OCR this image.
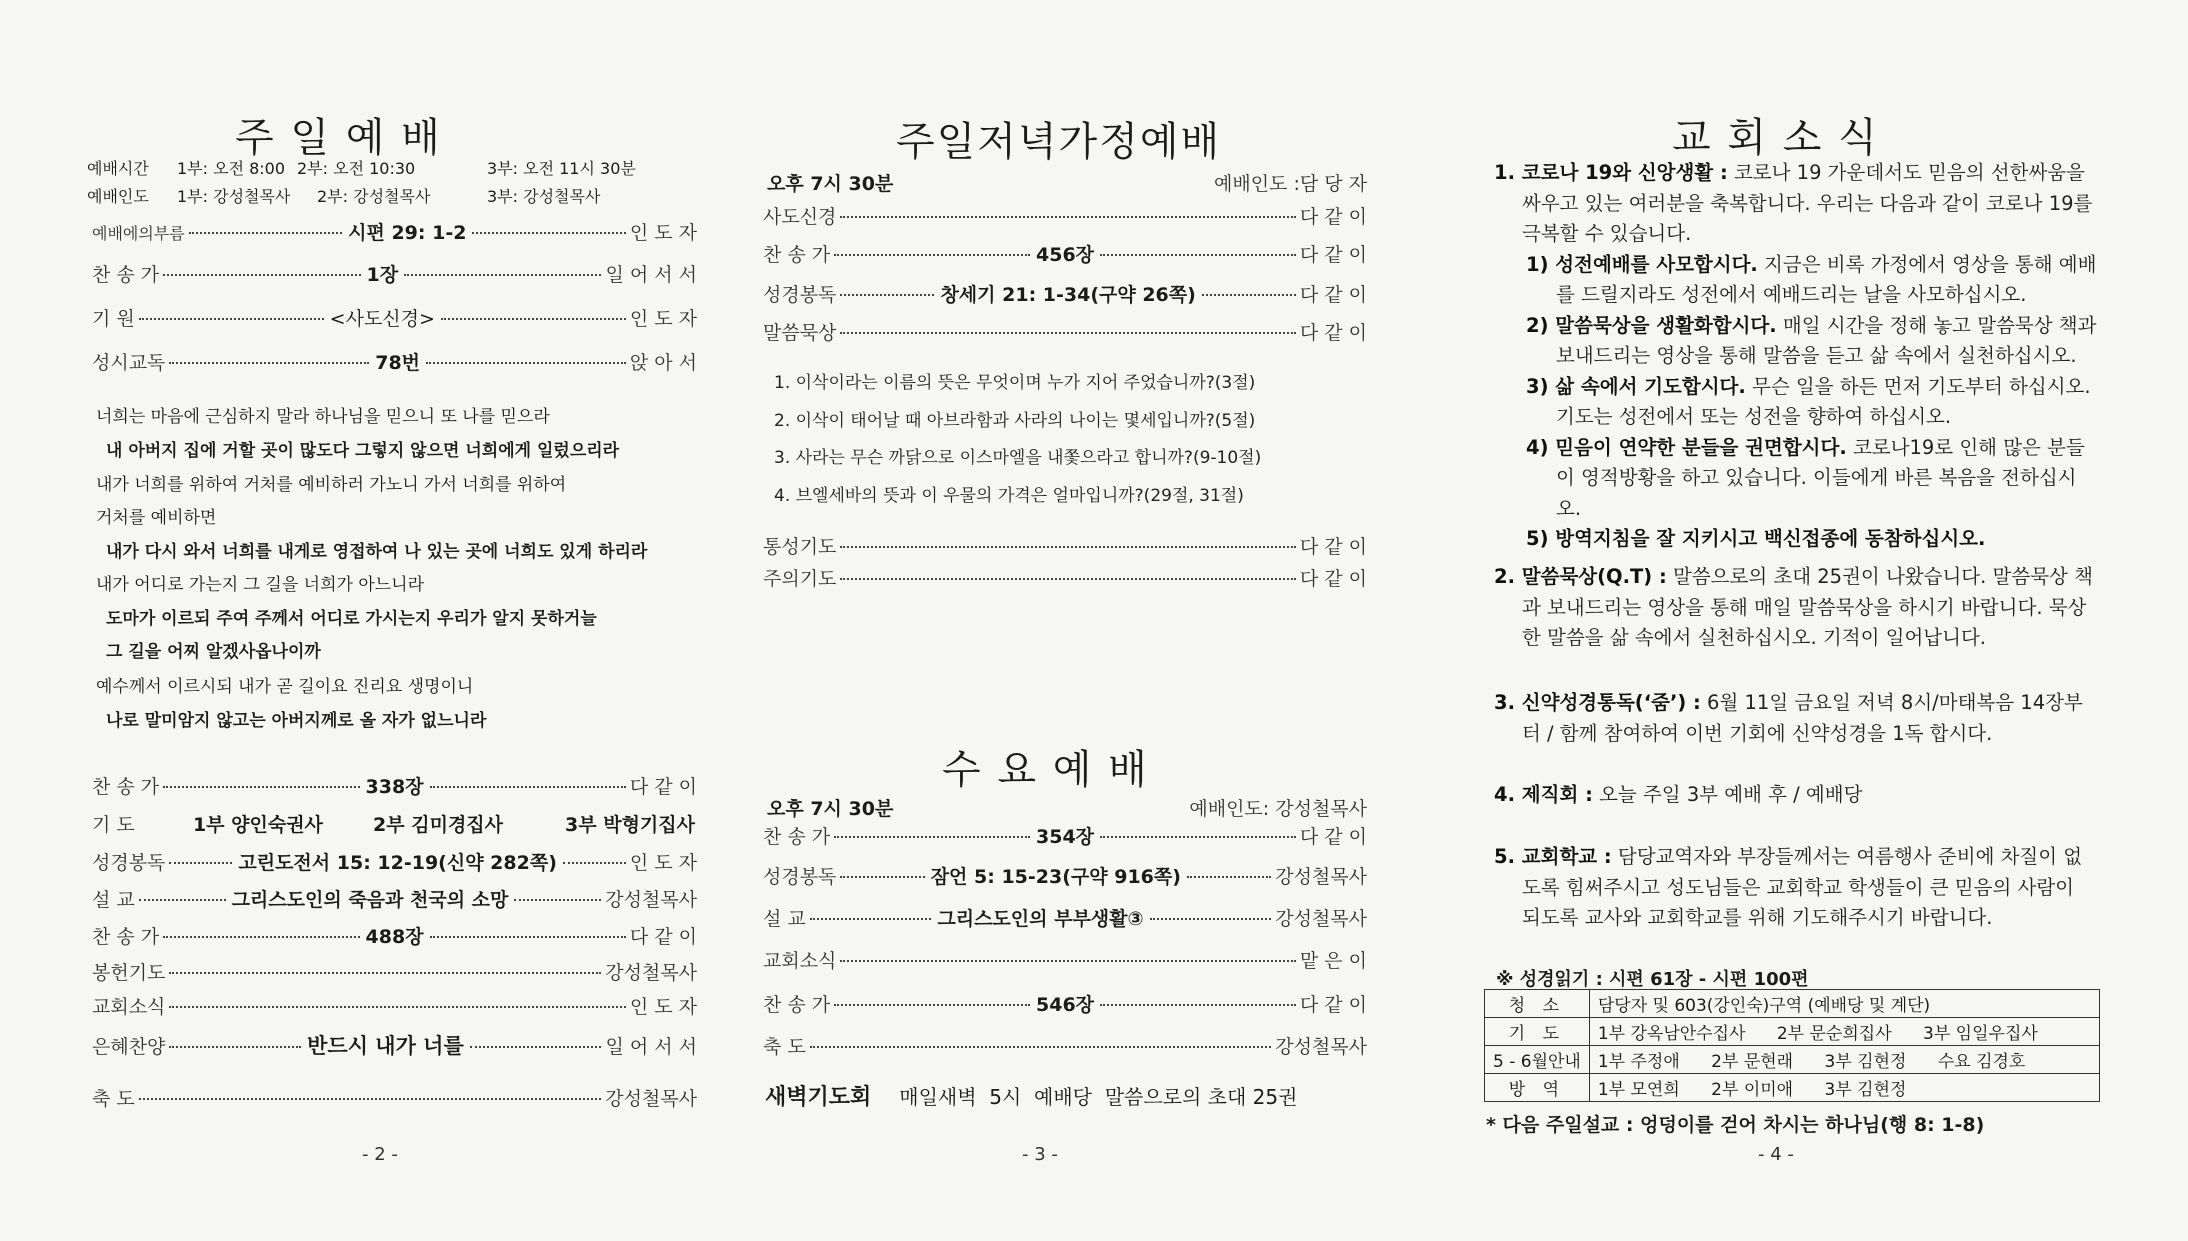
주 일 예 배
예배시간	1부: 오전 8:00 2부: 오전 10:30	3부: 오전 11시 30분
예배인도	1부: 강성철목사	2부: 강성철목사	3부: 강성철목사
예배에의부름	시편 29: 1-2	인 도 자
찬 송 가	1장	일 어 서 서
기 원	<사도신경>	인 도 자
성시교독	78번	앉 아 서
너희는 마음에 근심하지 말라 하나님을 믿으니 또 나를 믿으라
내 아버지 집에 거할 곳이 많도다 그렇지 않으면 너희에게 일렀으리라
내가 너희를 위하여 거처를 예비하러 가노니 가서 너희를 위하여
거처를 예비하면
내가 다시 와서 너희를 내게로 영접하여 나 있는 곳에 너희도 있게 하리라
내가 어디로 가는지 그 길을 너희가 아느니라
도마가 이르되 주여 주께서 어디로 가시는지 우리가 알지 못하거늘
그 길을 어찌 알겠사옵나이까
예수께서 이르시되 내가 곧 길이요 진리요 생명이니
나로 말미암지 않고는 아버지께로 올 자가 없느니라
찬 송 가	338장	다 같 이
기 도	1부 양인숙권사	2부 김미경집사	3부 박형기집사
성경봉독	고린도전서 15: 12-19(신약 282쪽)	인 도 자
설 교	그리스도인의 죽음과 천국의 소망	강성철목사
찬 송 가	488장	다 같 이
봉헌기도	강성철목사
교회소식	인 도 자
은혜찬양	반드시 내가 너를	일 어 서 서
축 도	강성철목사
- 2 -
주일저녁가정예배
오후 7시 30분	예배인도 :담 당 자
사도신경	다 같 이
찬 송 가	456장	다 같 이
성경봉독	창세기 21: 1-34(구약 26쪽)	다 같 이
말씀묵상	다 같 이
1. 이삭이라는 이름의 뜻은 무엇이며 누가 지어 주었습니까?(3절)
2. 이삭이 태어날 때 아브라함과 사라의 나이는 몇세입니까?(5절)
3. 사라는 무슨 까닭으로 이스마엘을 내쫓으라고 합니까?(9-10절)
4. 브엘세바의 뜻과 이 우물의 가격은 얼마입니까?(29절, 31절)
통성기도	다 같 이
주의기도	다 같 이
수 요 예 배
오후 7시 30분	예배인도: 강성철목사
찬 송 가	354장	다 같 이
성경봉독	잠언 5: 15-23(구약 916쪽)	강성철목사
설 교	그리스도인의 부부생활③	강성철목사
교회소식	맡 은 이
찬 송 가	546장	다 같 이
축 도	강성철목사
새벽기도회 매일새벽  5시  예배당  말씀으로의 초대 25권
- 3 -
교 회 소 식
1. 코로나 19와 신앙생활 : 코로나 19 가운데서도 믿음의 선한싸움을 싸우고 있는 여러분을 축복합니다. 우리는 다음과 같이 코로나 19를 극복할 수 있습니다.
1) 성전예배를 사모합시다. 지금은 비록 가정에서 영상을 통해 예배를 드릴지라도 성전에서 예배드리는 날을 사모하십시오.
2) 말씀묵상을 생활화합시다. 매일 시간을 정해 놓고 말씀묵상 책과 보내드리는 영상을 통해 말씀을 듣고 삶 속에서 실천하십시오.
3) 삶 속에서 기도합시다. 무슨 일을 하든 먼저 기도부터 하십시오. 기도는 성전에서 또는 성전을 향하여 하십시오.
4) 믿음이 연약한 분들을 권면합시다. 코로나19로 인해 많은 분들이 영적방황을 하고 있습니다. 이들에게 바른 복음을 전하십시오.
5) 방역지침을 잘 지키시고 백신접종에 동참하십시오.
2. 말씀묵상(Q.T) : 말씀으로의 초대 25권이 나왔습니다. 말씀묵상 책과 보내드리는 영상을 통해 매일 말씀묵상을 하시기 바랍니다. 묵상한 말씀을 삶 속에서 실천하십시오. 기적이 일어납니다.
3. 신약성경통독(‘줌’) : 6월 11일 금요일 저녁 8시/마태복음 14장부터 / 함께 참여하여 이번 기회에 신약성경을 1독 합시다.
4. 제직회 : 오늘 주일 3부 예배 후 / 예배당
5. 교회학교 : 담당교역자와 부장들께서는 여름행사 준비에 차질이 없도록 힘써주시고 성도님들은 교회학교 학생들이 큰 믿음의 사람이 되도록 교사와 교회학교를 위해 기도해주시기 바랍니다.
※ 성경읽기 : 시편 61장 - 시편 100편
청 소	담당자 및 603(강인숙)구역 (예배당 및 계단)
기 도	1부 강옥남안수집사 2부 문순희집사 3부 임일우집사
5 - 6월안내	1부 주정애 2부 문현래 3부 김현정 수요 김경호
방 역	1부 모연희 2부 이미애 3부 김현정
* 다음 주일설교 : 엉덩이를 걷어 차시는 하나님(행 8: 1-8)
- 4 -
